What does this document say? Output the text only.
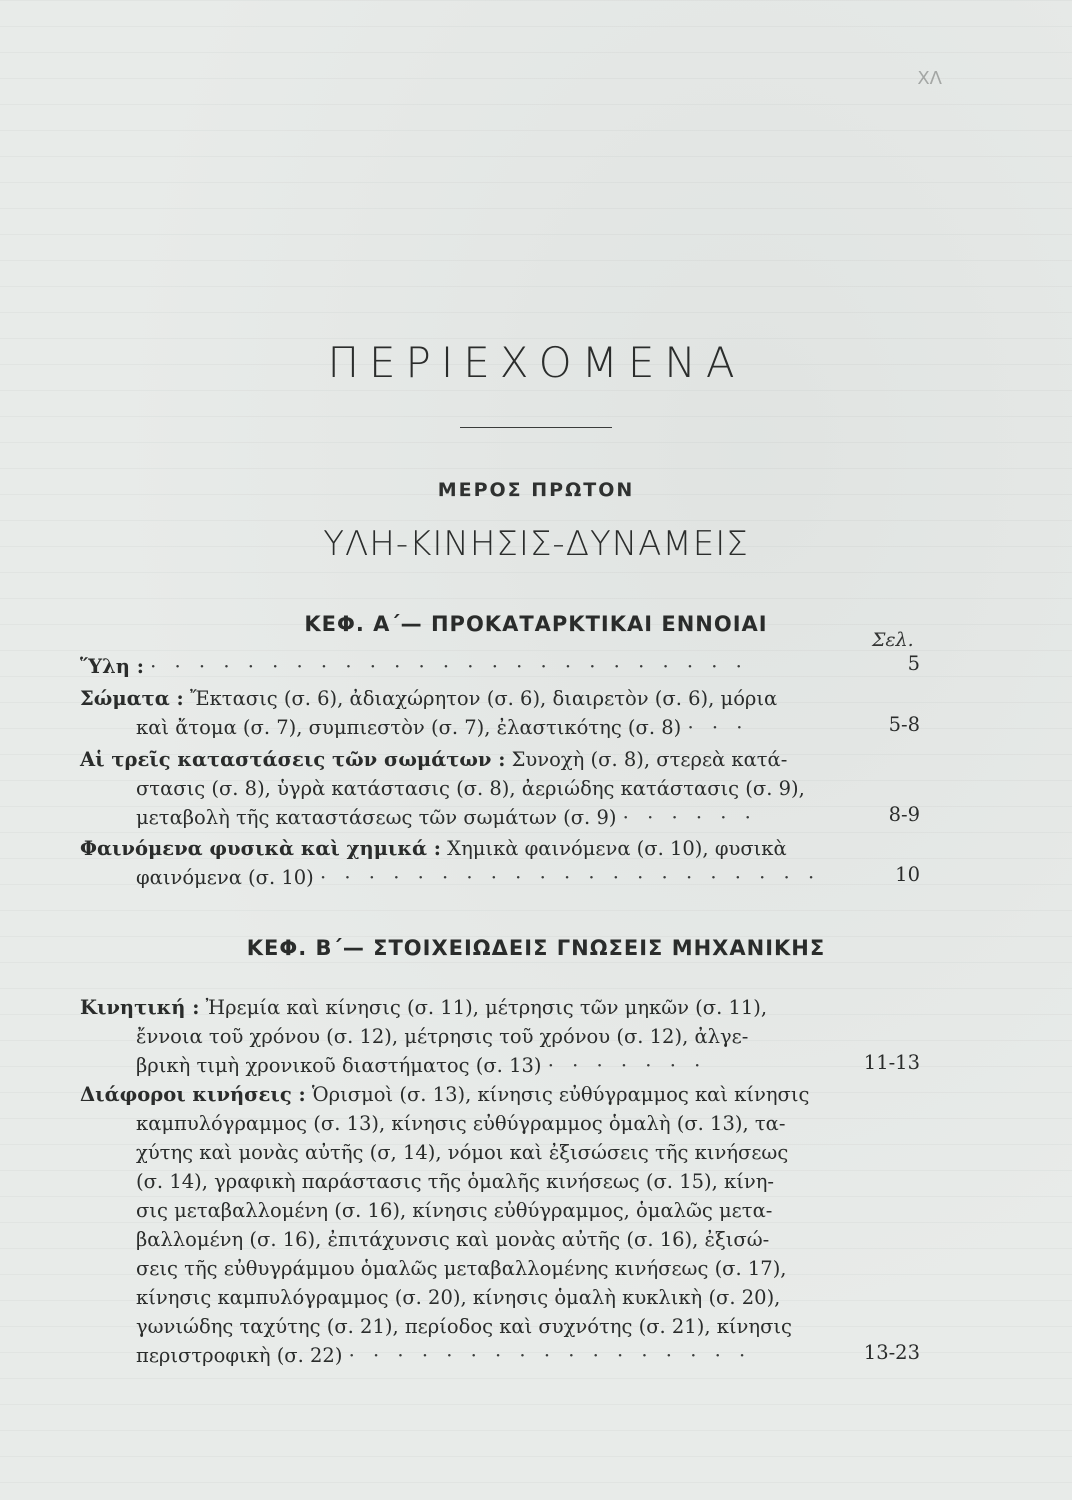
ΧΛ
ΠΕΡΙΕΧΟΜΕΝΑ
ΜΕΡΟΣ ΠΡΩΤΟΝ
ΥΛΗ-ΚΙΝΗΣΙΣ-ΔΥΝΑΜΕΙΣ
ΚΕΦ. Α΄— ΠΡΟΚΑΤΑΡΚΤΙΚΑΙ ΕΝΝΟΙΑΙ
Σελ.
Ὕλη : · · · · · · · · · · · · · · · · · · · · · · · · ·	5
Σώματα : Ἔκτασις (σ. 6), ἀδιαχώρητον (σ. 6), διαιρετὸν (σ. 6), μόρια
καὶ ἄτομα (σ. 7), συμπιεστὸν (σ. 7), ἐλαστικότης (σ. 8) · · ·	5-8
Αἱ τρεῖς καταστάσεις τῶν σωμάτων : Συνοχὴ (σ. 8), στερεὰ κατά-
στασις (σ. 8), ὑγρὰ κατάστασις (σ. 8), ἀεριώδης κατάστασις (σ. 9),
μεταβολὴ τῆς καταστάσεως τῶν σωμάτων (σ. 9) · · · · · ·	8-9
Φαινόμενα φυσικὰ καὶ χημικά : Χημικὰ φαινόμενα (σ. 10), φυσικὰ
φαινόμενα (σ. 10) · · · · · · · · · · · · · · · · · · · · ·	10
ΚΕΦ. Β΄— ΣΤΟΙΧΕΙΩΔΕΙΣ ΓΝΩΣΕΙΣ ΜΗΧΑΝΙΚΗΣ
Κινητική : Ἠρεμία καὶ κίνησις (σ. 11), μέτρησις τῶν μηκῶν (σ. 11),
ἔννοια τοῦ χρόνου (σ. 12), μέτρησις τοῦ χρόνου (σ. 12), ἀλγε-
βρικὴ τιμὴ χρονικοῦ διαστήματος (σ. 13) · · · · · · ·	11-13
Διάφοροι κινήσεις : Ὁρισμοὶ (σ. 13), κίνησις εὐθύγραμμος καὶ κίνησις
καμπυλόγραμμος (σ. 13), κίνησις εὐθύγραμμος ὁμαλὴ (σ. 13), τα-
χύτης καὶ μονὰς αὐτῆς (σ, 14), νόμοι καὶ ἐξισώσεις τῆς κινήσεως
(σ. 14), γραφικὴ παράστασις τῆς ὁμαλῆς κινήσεως (σ. 15), κίνη-
σις μεταβαλλομένη (σ. 16), κίνησις εὐθύγραμμος, ὁμαλῶς μετα-
βαλλομένη (σ. 16), ἐπιτάχυνσις καὶ μονὰς αὐτῆς (σ. 16), ἐξισώ-
σεις τῆς εὐθυγράμμου ὁμαλῶς μεταβαλλομένης κινήσεως (σ. 17),
κίνησις καμπυλόγραμμος (σ. 20), κίνησις ὁμαλὴ κυκλικὴ (σ. 20),
γωνιώδης ταχύτης (σ. 21), περίοδος καὶ συχνότης (σ. 21), κίνησις
περιστροφικὴ (σ. 22) · · · · · · · · · · · · · · · · ·	13-23
